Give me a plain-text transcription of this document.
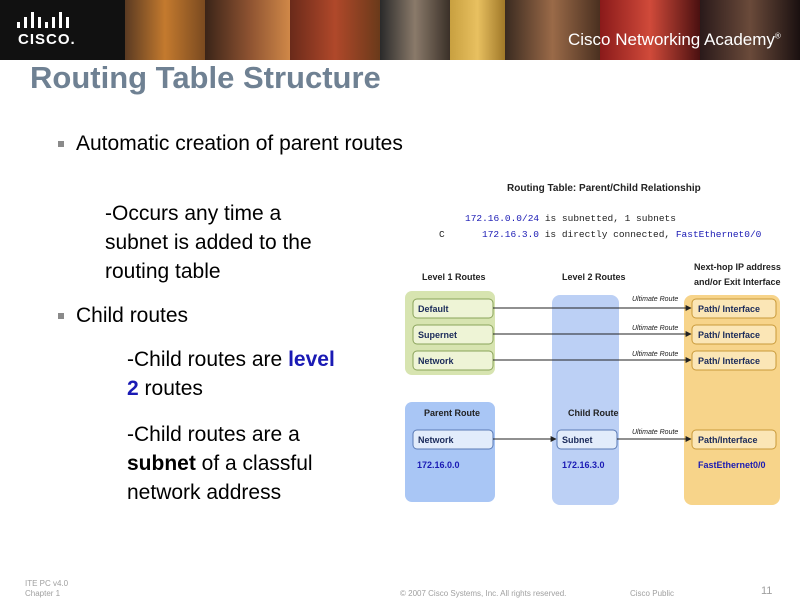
CISCO.	Cisco Networking Academy®
Routing Table Structure
Automatic creation of parent routes
-Occurs any time a
subnet is added to the
routing table
Child routes
-Child routes are level
2 routes
-Child routes are a
subnet of a classful
network address
Routing Table: Parent/Child Relationship
172.16.0.0/24 is subnetted, 1 subnets
C	172.16.3.0 is directly connected, FastEthernet0/0
Level 1 Routes	Level 2 Routes
Next-hop IP address
and/or Exit Interface
Default
Supernet
Network
Path/ Interface
Path/ Interface
Path/ Interface
Ultimate Route
Ultimate Route
Ultimate Route
Parent Route
Network
172.16.0.0
Child Route
Subnet
172.16.3.0
Path/Interface
FastEthernet0/0
Ultimate Route
ITE PC v4.0
Chapter 1	© 2007 Cisco Systems, Inc. All rights reserved.	Cisco Public	11
